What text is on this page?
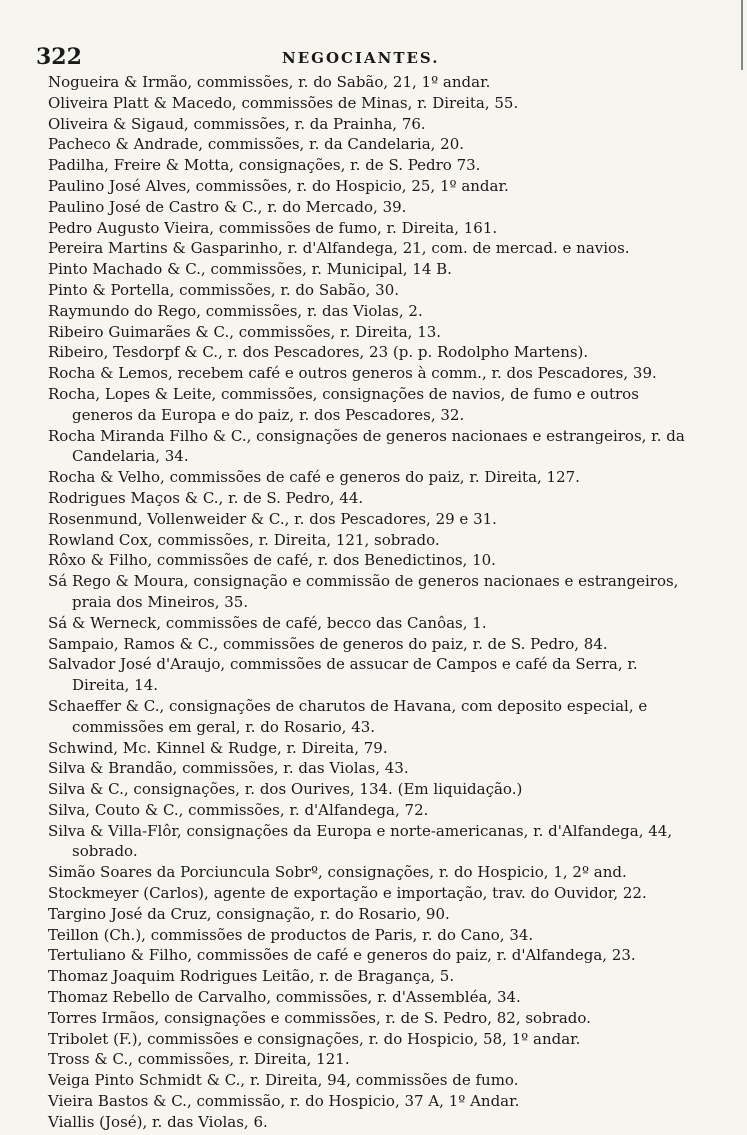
322	NEGOCIANTES.
Nogueira & Irmão, commissões, r. do Sabão, 21, 1º andar.
Oliveira Platt & Macedo, commissões de Minas, r. Direita, 55.
Oliveira & Sigaud, commissões, r. da Prainha, 76.
Pacheco & Andrade, commissões, r. da Candelaria, 20.
Padilha, Freire & Motta, consignações, r. de S. Pedro 73.
Paulino José Alves, commissões, r. do Hospicio, 25, 1º andar.
Paulino José de Castro & C., r. do Mercado, 39.
Pedro Augusto Vieira, commissões de fumo, r. Direita, 161.
Pereira Martins & Gasparinho, r. d'Alfandega, 21, com. de mercad. e navios.
Pinto Machado & C., commissões, r. Municipal, 14 B.
Pinto & Portella, commissões, r. do Sabão, 30.
Raymundo do Rego, commissões, r. das Violas, 2.
Ribeiro Guimarães & C., commissões, r. Direita, 13.
Ribeiro, Tesdorpf & C., r. dos Pescadores, 23 (p. p. Rodolpho Martens).
Rocha & Lemos, recebem café e outros generos à comm., r. dos Pescadores, 39.
Rocha, Lopes & Leite, commissões, consignações de navios, de fumo e outros generos da Europa e do paiz, r. dos Pescadores, 32.
Rocha Miranda Filho & C., consignações de generos nacionaes e estrangeiros, r. da Candelaria, 34.
Rocha & Velho, commissões de café e generos do paiz, r. Direita, 127.
Rodrigues Maços & C., r. de S. Pedro, 44.
Rosenmund, Vollenweider & C., r. dos Pescadores, 29 e 31.
Rowland Cox, commissões, r. Direita, 121, sobrado.
Rôxo & Filho, commissões de café, r. dos Benedictinos, 10.
Sá Rego & Moura, consignação e commissão de generos nacionaes e estrangeiros, praia dos Mineiros, 35.
Sá & Werneck, commissões de café, becco das Canôas, 1.
Sampaio, Ramos & C., commissões de generos do paiz, r. de S. Pedro, 84.
Salvador José d'Araujo, commissões de assucar de Campos e café da Serra, r. Direita, 14.
Schaeffer & C., consignações de charutos de Havana, com deposito especial, e commissões em geral, r. do Rosario, 43.
Schwind, Mc. Kinnel & Rudge, r. Direita, 79.
Silva & Brandão, commissões, r. das Violas, 43.
Silva & C., consignações, r. dos Ourives, 134. (Em liquidação.)
Silva, Couto & C., commissões, r. d'Alfandega, 72.
Silva & Villa-Flôr, consignações da Europa e norte-americanas, r. d'Alfandega, 44, sobrado.
Simão Soares da Porciuncula Sobrº, consignações, r. do Hospicio, 1, 2º and.
Stockmeyer (Carlos), agente de exportação e importação, trav. do Ouvidor, 22.
Targino José da Cruz, consignação, r. do Rosario, 90.
Teillon (Ch.), commissões de productos de Paris, r. do Cano, 34.
Tertuliano & Filho, commissões de café e generos do paiz, r. d'Alfandega, 23.
Thomaz Joaquim Rodrigues Leitão, r. de Bragança, 5.
Thomaz Rebello de Carvalho, commissões, r. d'Assembléa, 34.
Torres Irmãos, consignações e commissões, r. de S. Pedro, 82, sobrado.
Tribolet (F.), commissões e consignações, r. do Hospicio, 58, 1º andar.
Tross & C., commissões, r. Direita, 121.
Veiga Pinto Schmidt & C., r. Direita, 94, commissões de fumo.
Vieira Bastos & C., commissão, r. do Hospicio, 37 A, 1º Andar.
Viallis (José), r. das Violas, 6.
